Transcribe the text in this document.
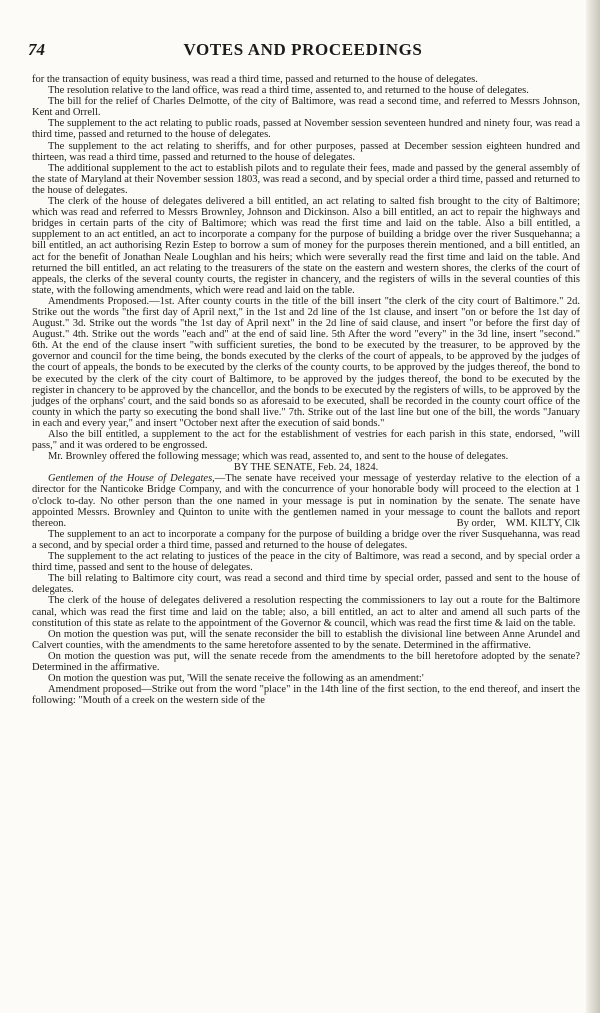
74	VOTES AND PROCEEDINGS

for the transaction of equity business, was read a third time, passed and returned to the house of delegates.

The resolution relative to the land office, was read a third time, assented to, and returned to the house of delegates.

The bill for the relief of Charles Delmotte, of the city of Baltimore, was read a second time, and referred to Messrs Johnson, Kent and Orrell.

The supplement to the act relating to public roads, passed at November session seventeen hundred and ninety four, was read a third time, passed and returned to the house of delegates.

The supplement to the act relating to sheriffs, and for other purposes, passed at December session eighteen hundred and thirteen, was read a third time, passed and returned to the house of delegates.

The additional supplement to the act to establish pilots and to regulate their fees, made and passed by the general assembly of the state of Maryland at their November session 1803, was read a second, and by special order a third time, passed and returned to the house of delegates.

The clerk of the house of delegates delivered a bill entitled, an act relating to salted fish brought to the city of Baltimore; which was read and referred to Messrs Brownley, Johnson and Dickinson. Also a bill entitled, an act to repair the highways and bridges in certain parts of the city of Baltimore; which was read the first time and laid on the table. Also a bill entitled, a supplement to an act entitled, an act to incorporate a company for the purpose of building a bridge over the river Susquehanna; a bill entitled, an act authorising Rezin Estep to borrow a sum of money for the purposes therein mentioned, and a bill entitled, an act for the benefit of Jonathan Neale Loughlan and his heirs; which were severally read the first time and laid on the table. And returned the bill entitled, an act relating to the treasurers of the state on the eastern and western shores, the clerks of the court of appeals, the clerks of the several county courts, the register in chancery, and the registers of wills in the several counties of this state, with the following amendments, which were read and laid on the table.

Amendments Proposed.—1st. After county courts in the title of the bill insert "the clerk of the city court of Baltimore." 2d. Strike out the words "the first day of April next," in the 1st and 2d line of the 1st clause, and insert "on or before the 1st day of August." 3d. Strike out the words "the 1st day of April next" in the 2d line of said clause, and insert "or before the first day of August." 4th. Strike out the words "each and" at the end of said line. 5th After the word "every" in the 3d line, insert "second." 6th. At the end of the clause insert "with sufficient sureties, the bond to be executed by the treasurer, to be approved by the governor and council for the time being, the bonds executed by the clerks of the court of appeals, to be approved by the judges of the court of appeals, the bonds to be executed by the clerks of the county courts, to be approved by the judges thereof, the bond to be executed by the clerk of the city court of Baltimore, to be approved by the judges thereof, the bond to be executed by the register in chancery to be approved by the chancellor, and the bonds to be executed by the registers of wills, to be approved by the judges of the orphans' court, and the said bonds so as aforesaid to be executed, shall be recorded in the county court office of the county in which the party so executing the bond shall live." 7th. Strike out of the last line but one of the bill, the words "January in each and every year," and insert "October next after the execution of said bonds."

Also the bill entitled, a supplement to the act for the establishment of vestries for each parish in this state, endorsed, "will pass," and it was ordered to be engrossed.

Mr. Brownley offered the following message; which was read, assented to, and sent to the house of delegates.

BY THE SENATE, Feb. 24, 1824.

Gentlemen of the House of Delegates,—The senate have received your message of yesterday relative to the election of a director for the Nanticoke Bridge Company, and with the concurrence of your honorable body will proceed to the election at 1 o'clock to-day. No other person than the one named in your message is put in nomination by the senate. The senate have appointed Messrs. Brownley and Quinton to unite with the gentlemen named in your message to count the ballots and report thereon.	WM. KILTY, Clk
By order,

The supplement to an act to incorporate a company for the purpose of building a bridge over the river Susquehanna, was read a second, and by special order a third time, passed and returned to the house of delegates.

The supplement to the act relating to justices of the peace in the city of Baltimore, was read a second, and by special order a third time, passed and sent to the house of delegates.

The bill relating to Baltimore city court, was read a second and third time by special order, passed and sent to the house of delegates.

The clerk of the house of delegates delivered a resolution respecting the commissioners to lay out a route for the Baltimore canal, which was read the first time and laid on the table; also, a bill entitled, an act to alter and amend all such parts of the constitution of this state as relate to the appointment of the Governor & council, which was read the first time & laid on the table.

On motion the question was put, will the senate reconsider the bill to establish the divisional line between Anne Arundel and Calvert counties, with the amendments to the same heretofore assented to by the senate. Determined in the affirmative.

On motion the question was put, will the senate recede from the amendments to the bill heretofore adopted by the senate? Determined in the affirmative.

On motion the question was put, 'Will the senate receive the following as an amendment:'

Amendment proposed—Strike out from the word "place" in the 14th line of the first section, to the end thereof, and insert the following: "Mouth of a creek on the western side of the
